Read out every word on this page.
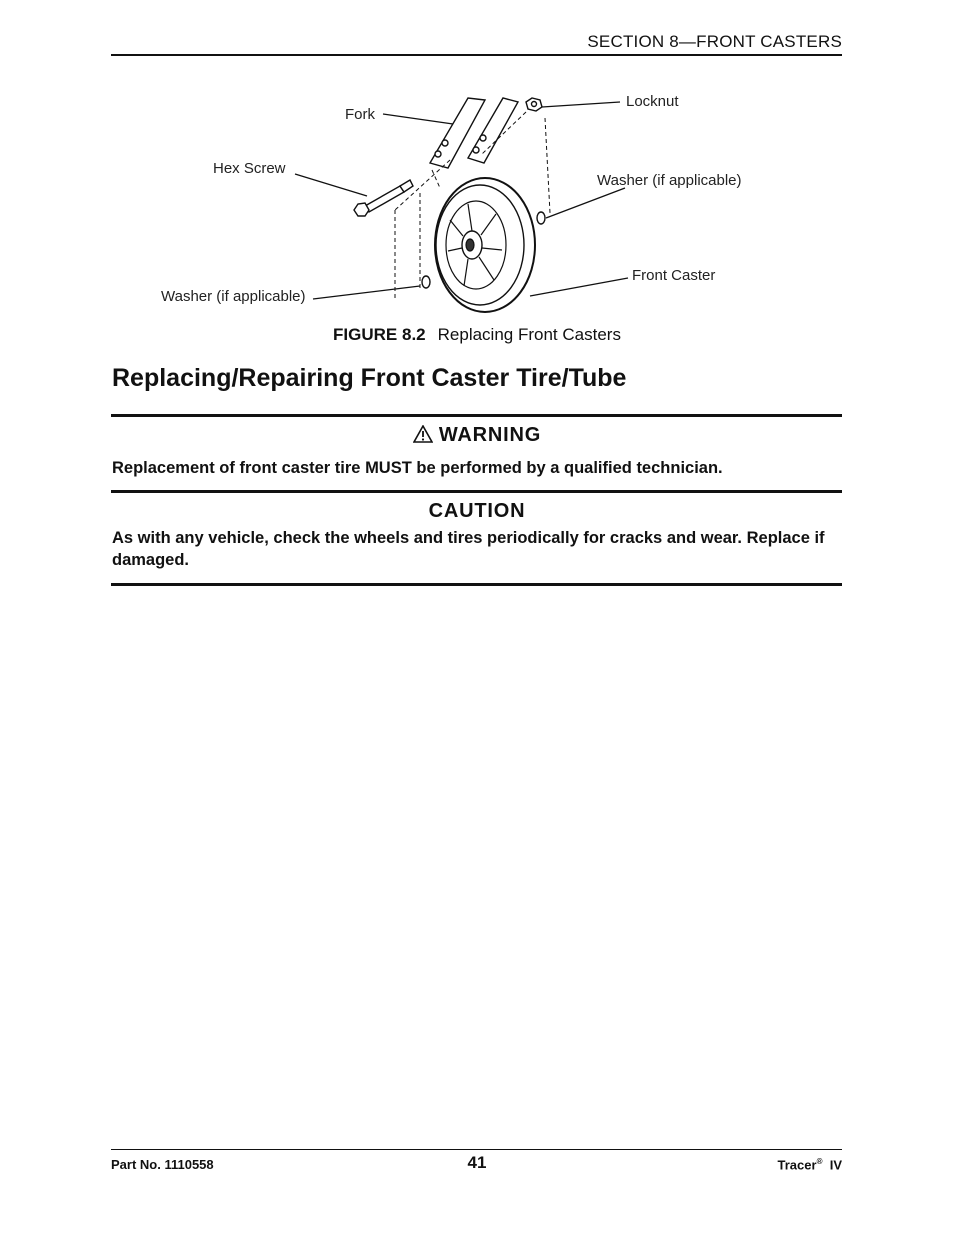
SECTION 8—FRONT CASTERS
Fork
Locknut
Hex Screw
Washer (if applicable)
Front Caster
Washer (if applicable)
FIGURE 8.2 Replacing Front Casters
Replacing/Repairing Front Caster Tire/Tube
WARNING
Replacement of front caster tire MUST be performed by a qualified technician.
CAUTION
As with any vehicle, check the wheels and tires periodically for cracks and wear. Replace if damaged.
Part No. 1110558	41	Tracer® IV
